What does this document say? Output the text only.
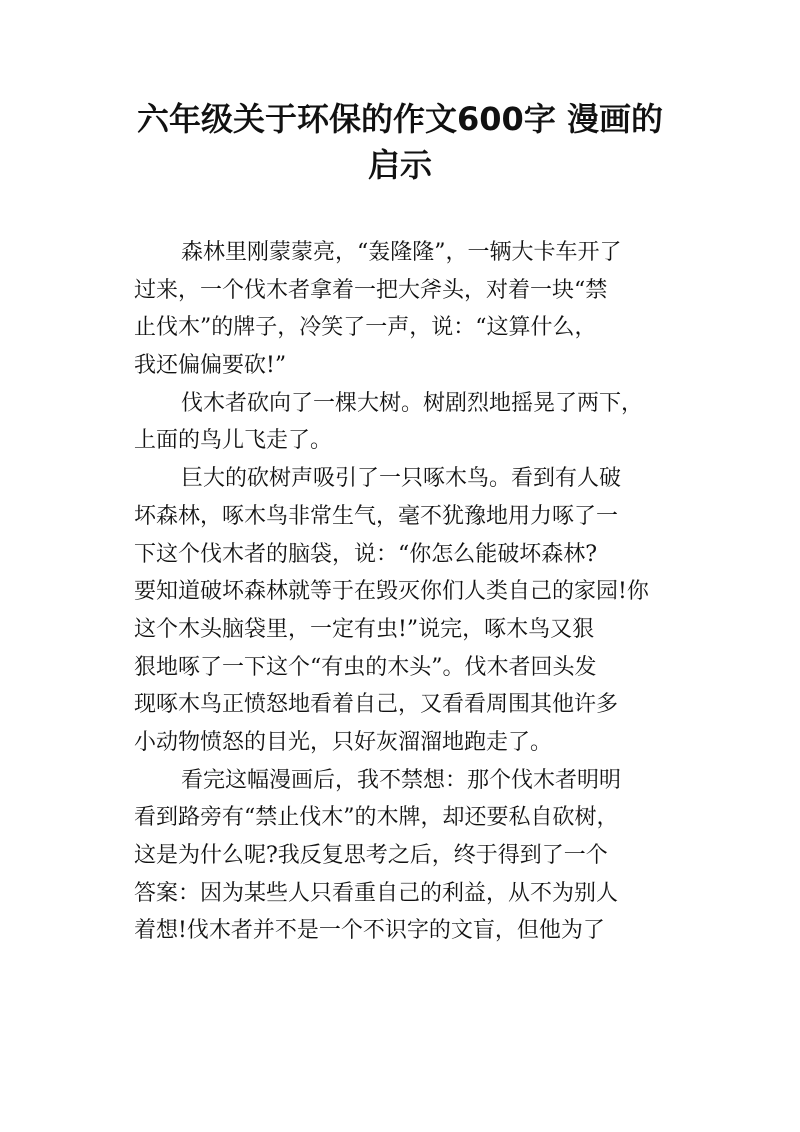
六年级关于环保的作文600字 漫画的
启示
森林里刚蒙蒙亮，“轰隆隆”，一辆大卡车开了
过来，一个伐木者拿着一把大斧头，对着一块“禁
止伐木”的牌子，冷笑了一声，说：“这算什么，
我还偏偏要砍!”
伐木者砍向了一棵大树。树剧烈地摇晃了两下，
上面的鸟儿飞走了。
巨大的砍树声吸引了一只啄木鸟。看到有人破
坏森林，啄木鸟非常生气，毫不犹豫地用力啄了一
下这个伐木者的脑袋，说：“你怎么能破坏森林?
要知道破坏森林就等于在毁灭你们人类自己的家园!你
这个木头脑袋里，一定有虫!”说完，啄木鸟又狠
狠地啄了一下这个“有虫的木头”。伐木者回头发
现啄木鸟正愤怒地看着自己，又看看周围其他许多
小动物愤怒的目光，只好灰溜溜地跑走了。
看完这幅漫画后，我不禁想：那个伐木者明明
看到路旁有“禁止伐木”的木牌，却还要私自砍树，
这是为什么呢?我反复思考之后，终于得到了一个
答案：因为某些人只看重自己的利益，从不为别人
着想!伐木者并不是一个不识字的文盲，但他为了
